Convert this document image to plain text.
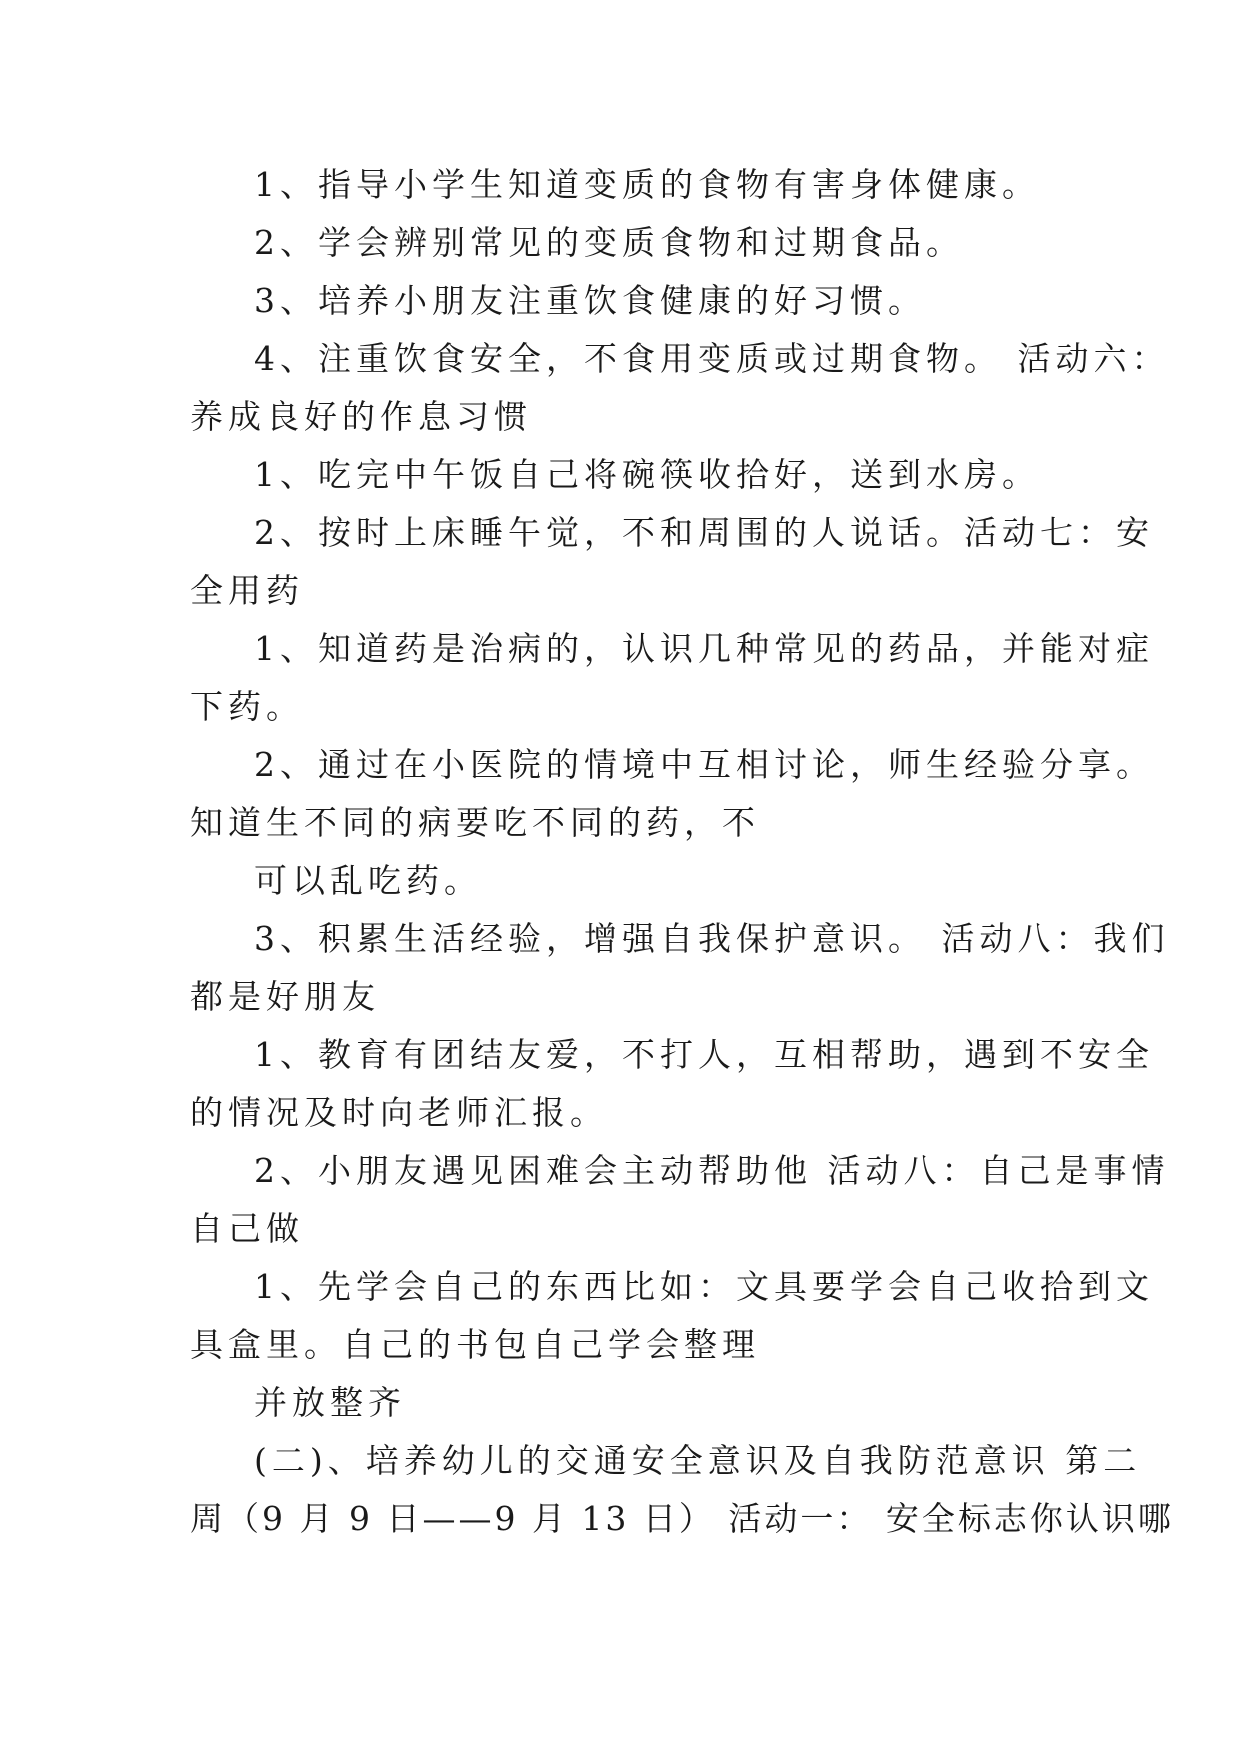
1、指导小学生知道变质的食物有害身体健康。
2、学会辨别常见的变质食物和过期食品。
3、培养小朋友注重饮食健康的好习惯。
4、注重饮食安全，不食用变质或过期食物。 活动六：
养成良好的作息习惯
1、吃完中午饭自己将碗筷收拾好，送到水房。
2、按时上床睡午觉，不和周围的人说话。活动七：安
全用药
1、知道药是治病的，认识几种常见的药品，并能对症
下药。
2、通过在小医院的情境中互相讨论，师生经验分享。
知道生不同的病要吃不同的药，不
可以乱吃药。
3、积累生活经验，增强自我保护意识。 活动八：我们
都是好朋友
1、教育有团结友爱，不打人，互相帮助，遇到不安全
的情况及时向老师汇报。
2、小朋友遇见困难会主动帮助他 活动八：自己是事情
自己做
1、先学会自己的东西比如：文具要学会自己收拾到文
具盒里。自己的书包自己学会整理
并放整齐
(二)、培养幼儿的交通安全意识及自我防范意识 第二
周（9 月 9 日——9 月 13 日） 活动一： 安全标志你认识哪
